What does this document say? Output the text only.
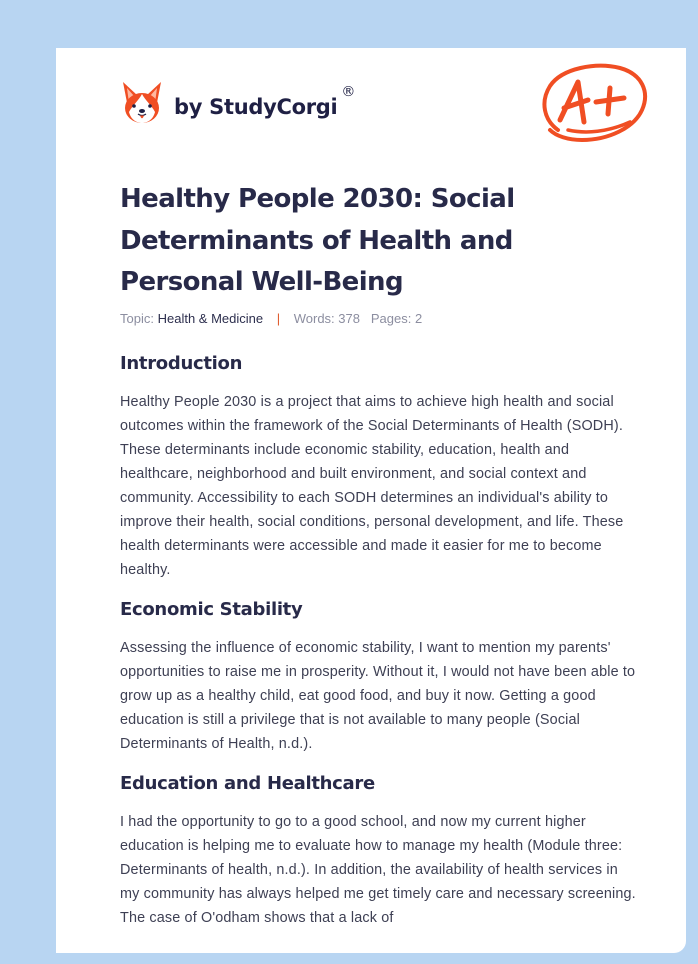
by StudyCorgi
®
Healthy People 2030: Social Determinants of Health and Personal Well-Being
Topic: Health & Medicine | Words: 378 Pages: 2
Introduction

Healthy People 2030 is a project that aims to achieve high health and social outcomes within the framework of the Social Determinants of Health (SODH). These determinants include economic stability, education, health and healthcare, neighborhood and built environment, and social context and community. Accessibility to each SODH determines an individual's ability to improve their health, social conditions, personal development, and life. These health determinants were accessible and made it easier for me to become healthy.

Economic Stability

Assessing the influence of economic stability, I want to mention my parents' opportunities to raise me in prosperity. Without it, I would not have been able to grow up as a healthy child, eat good food, and buy it now. Getting a good education is still a privilege that is not available to many people (Social Determinants of Health, n.d.).

Education and Healthcare

I had the opportunity to go to a good school, and now my current higher education is helping me to evaluate how to manage my health (Module three: Determinants of health, n.d.). In addition, the availability of health services in my community has always helped me get timely care and necessary screening. The case of O'odham shows that a lack of
